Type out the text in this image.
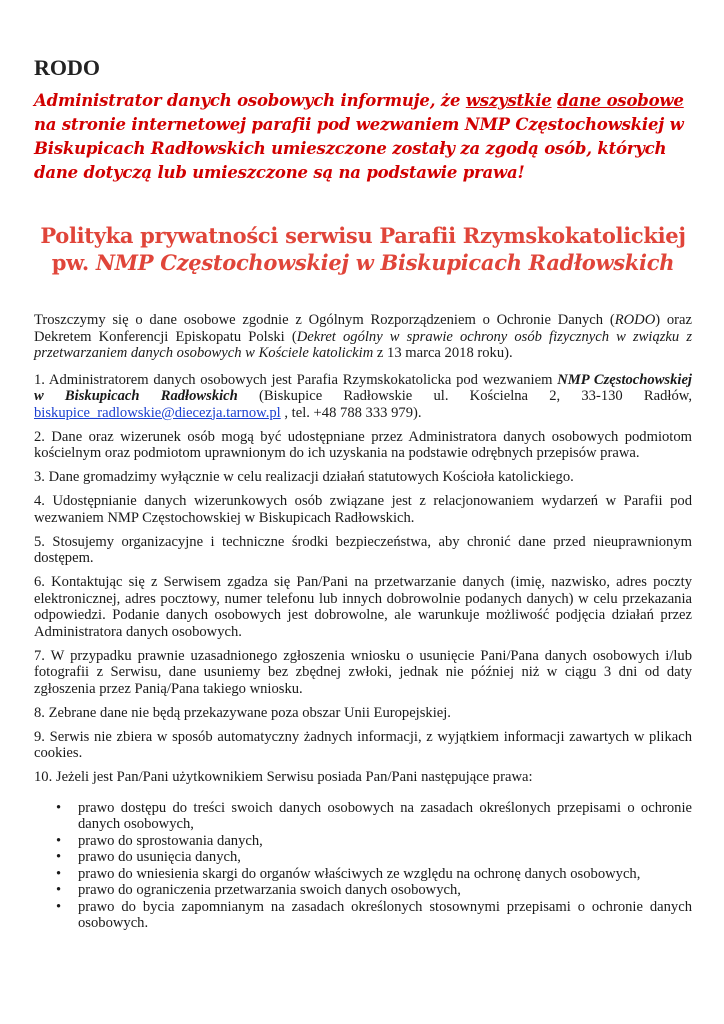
RODO

Administrator danych osobowych informuje, że wszystkie dane osobowe na stronie internetowej parafii pod wezwaniem NMP Częstochowskiej w Biskupicach Radłowskich umieszczone zostały za zgodą osób, których dane dotyczą lub umieszczone są na podstawie prawa!

Polityka prywatności serwisu Parafii Rzymskokatolickiej pw. NMP Częstochowskiej w Biskupicach Radłowskich

Troszczymy się o dane osobowe zgodnie z Ogólnym Rozporządzeniem o Ochronie Danych (RODO) oraz Dekretem Konferencji Episkopatu Polski (Dekret ogólny w sprawie ochrony osób fizycznych w związku z przetwarzaniem danych osobowych w Kościele katolickim z 13 marca 2018 roku).

1. Administratorem danych osobowych jest Parafia Rzymskokatolicka pod wezwaniem NMP Częstochowskiej w Biskupicach Radłowskich (Biskupice Radłowskie ul. Kościelna 2, 33-130 Radłów, biskupice_radlowskie@diecezja.tarnow.pl , tel. +48 788 333 979).

2. Dane oraz wizerunek osób mogą być udostępniane przez Administratora danych osobowych podmiotom kościelnym oraz podmiotom uprawnionym do ich uzyskania na podstawie odrębnych przepisów prawa.

3. Dane gromadzimy wyłącznie w celu realizacji działań statutowych Kościoła katolickiego.

4. Udostępnianie danych wizerunkowych osób związane jest z relacjonowaniem wydarzeń w Parafii pod wezwaniem NMP Częstochowskiej w Biskupicach Radłowskich.

5. Stosujemy organizacyjne i techniczne środki bezpieczeństwa, aby chronić dane przed nieuprawnionym dostępem.

6. Kontaktując się z Serwisem zgadza się Pan/Pani na przetwarzanie danych (imię, nazwisko, adres poczty elektronicznej, adres pocztowy, numer telefonu lub innych dobrowolnie podanych danych) w celu przekazania odpowiedzi. Podanie danych osobowych jest dobrowolne, ale warunkuje możliwość podjęcia działań przez Administratora danych osobowych.

7. W przypadku prawnie uzasadnionego zgłoszenia wniosku o usunięcie Pani/Pana danych osobowych i/lub fotografii z Serwisu, dane usuniemy bez zbędnej zwłoki, jednak nie później niż w ciągu 3 dni od daty zgłoszenia przez Panią/Pana takiego wniosku.

8. Zebrane dane nie będą przekazywane poza obszar Unii Europejskiej.

9. Serwis nie zbiera w sposób automatyczny żadnych informacji, z wyjątkiem informacji zawartych w plikach cookies.

10. Jeżeli jest Pan/Pani użytkownikiem Serwisu posiada Pan/Pani następujące prawa:

• prawo dostępu do treści swoich danych osobowych na zasadach określonych przepisami o ochronie danych osobowych,
• prawo do sprostowania danych,
• prawo do usunięcia danych,
• prawo do wniesienia skargi do organów właściwych ze względu na ochronę danych osobowych,
• prawo do ograniczenia przetwarzania swoich danych osobowych,
• prawo do bycia zapomnianym na zasadach określonych stosownymi przepisami o ochronie danych osobowych.
